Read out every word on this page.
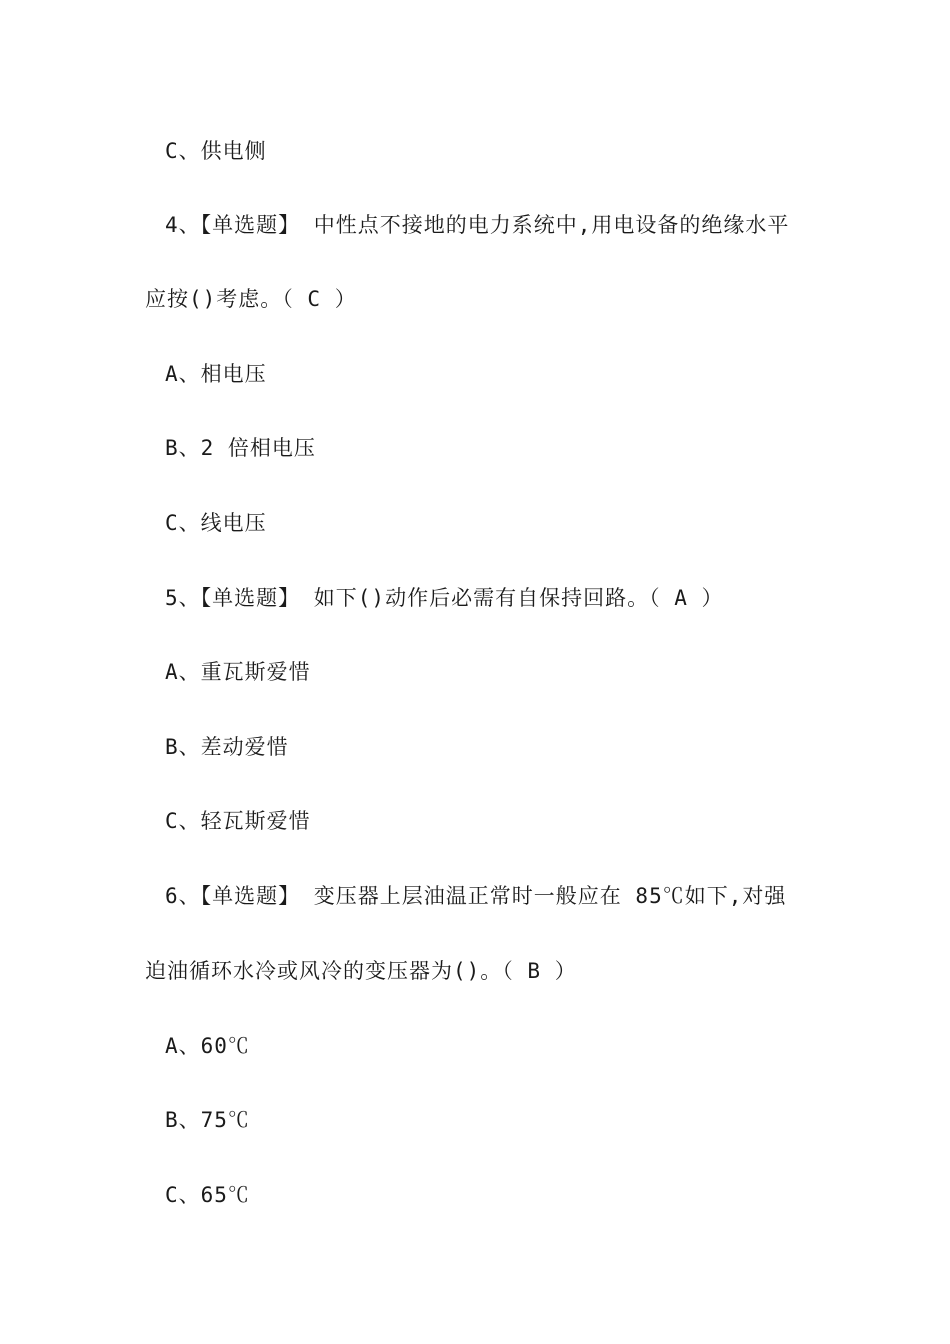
C、供电侧
4、【单选题】 中性点不接地的电力系统中,用电设备的绝缘水平
应按()考虑。（ C ）
A、相电压
B、2 倍相电压
C、线电压
5、【单选题】 如下()动作后必需有自保持回路。（ A ）
A、重瓦斯爱惜
B、差动爱惜
C、轻瓦斯爱惜
6、【单选题】 变压器上层油温正常时一般应在 85℃如下,对强
迫油循环水冷或风冷的变压器为()。（ B ）
A、60℃
B、75℃
C、65℃
